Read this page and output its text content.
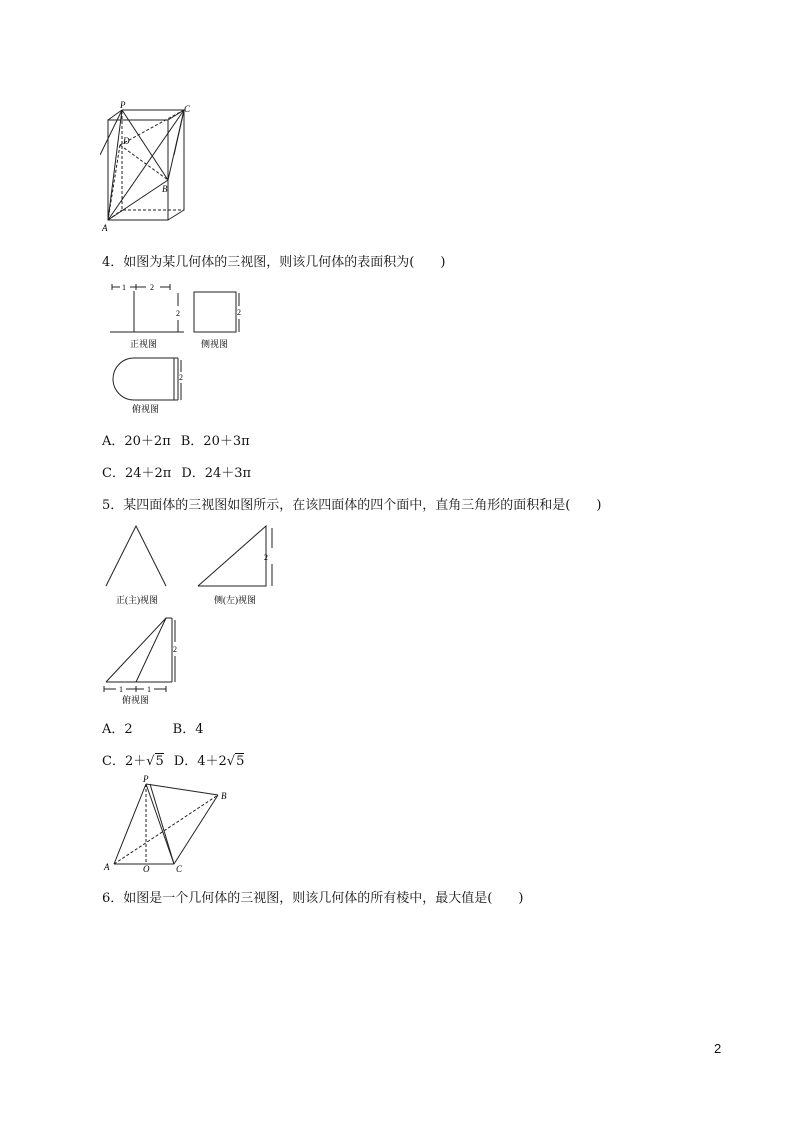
P	C
D
B
A
4．如图为某几何体的三视图，则该几何体的表面积为(　　)
1	2
2	2
2
正视图	侧视图
俯视图
A．20＋2π B．20＋3π
C．24＋2π D．24＋3π
5．某四面体的三视图如图所示，在该四面体的四个面中，直角三角形的面积和是(　　)
2
2
1	1
正(主)视图	侧(左)视图
俯视图
A．2	B．4
C．2＋√5 D．4＋2√5
P
B
A	O	C
6．如图是一个几何体的三视图，则该几何体的所有棱中，最大值是(　　)
2
